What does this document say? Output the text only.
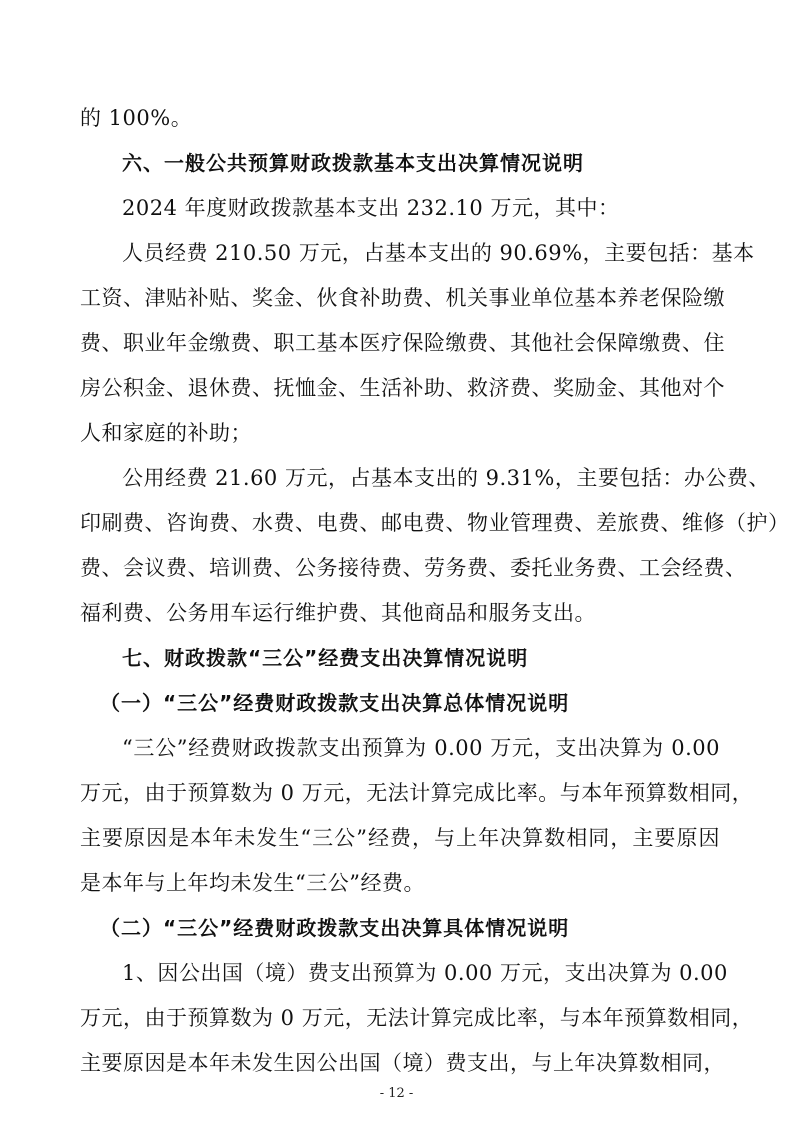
的 100%。
六、一般公共预算财政拨款基本支出决算情况说明
2024 年度财政拨款基本支出 232.10 万元，其中：
人员经费 210.50 万元，占基本支出的 90.69%，主要包括：基本
工资、津贴补贴、奖金、伙食补助费、机关事业单位基本养老保险缴
费、职业年金缴费、职工基本医疗保险缴费、其他社会保障缴费、住
房公积金、退休费、抚恤金、生活补助、救济费、奖励金、其他对个
人和家庭的补助；
公用经费 21.60 万元，占基本支出的 9.31%，主要包括：办公费、
印刷费、咨询费、水费、电费、邮电费、物业管理费、差旅费、维修（护）
费、会议费、培训费、公务接待费、劳务费、委托业务费、工会经费、
福利费、公务用车运行维护费、其他商品和服务支出。
七、财政拨款“三公”经费支出决算情况说明
（一）“三公”经费财政拨款支出决算总体情况说明
“三公”经费财政拨款支出预算为 0.00 万元，支出决算为 0.00
万元，由于预算数为 0 万元，无法计算完成比率。与本年预算数相同，
主要原因是本年未发生“三公”经费，与上年决算数相同，主要原因
是本年与上年均未发生“三公”经费。
（二）“三公”经费财政拨款支出决算具体情况说明
1、因公出国（境）费支出预算为 0.00 万元，支出决算为 0.00
万元，由于预算数为 0 万元，无法计算完成比率，与本年预算数相同，
主要原因是本年未发生因公出国（境）费支出，与上年决算数相同，
- 12 -
